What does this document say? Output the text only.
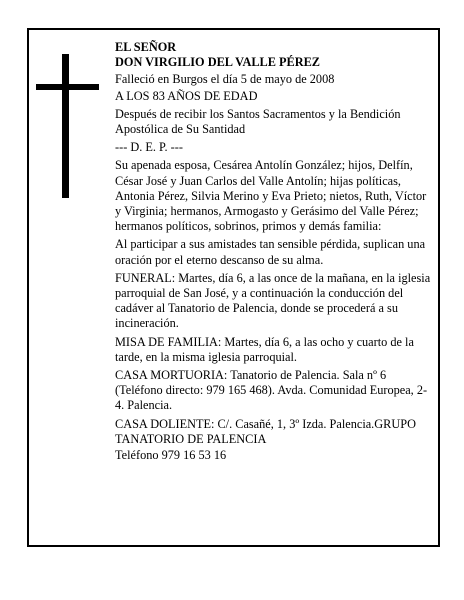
EL SEÑOR
DON VIRGILIO DEL VALLE PÉREZ

Falleció en Burgos el día 5 de mayo de 2008

A LOS 83 AÑOS DE EDAD

Después de recibir los Santos Sacramentos y la Bendición Apostólica de Su Santidad

--- D. E. P. ---

Su apenada esposa, Cesárea Antolín González; hijos, Delfín, César José y Juan Carlos del Valle Antolín; hijas políticas, Antonia Pérez, Silvia Merino y Eva Prieto; nietos, Ruth, Víctor y Virginia; hermanos, Armogasto y Gerásimo del Valle Pérez; hermanos políticos, sobrinos, primos y demás familia:

Al participar a sus amistades tan sensible pérdida, suplican una oración por el eterno descanso de su alma.

FUNERAL: Martes, día 6, a las once de la mañana, en la iglesia parroquial de San José, y a continuación la conducción del cadáver al Tanatorio de Palencia, donde se procederá a su incineración.

MISA DE FAMILIA: Martes, día 6, a las ocho y cuarto de la tarde, en la misma iglesia parroquial.

CASA MORTUORIA: Tanatorio de Palencia. Sala nº 6 (Teléfono directo: 979 165 468). Avda. Comunidad Europea, 2-4. Palencia.

CASA DOLIENTE: C/. Casañé, 1, 3º Izda. Palencia.GRUPO TANATORIO DE PALENCIA

Teléfono 979 16 53 16
